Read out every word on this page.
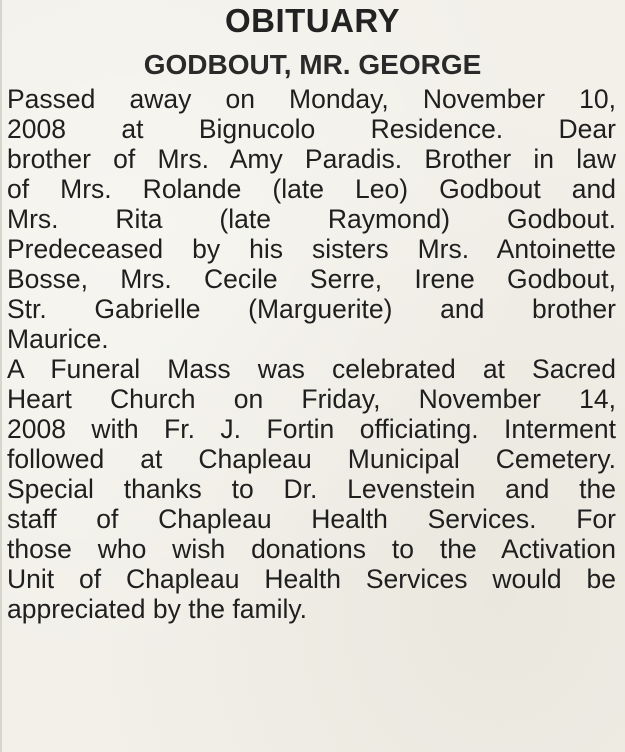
OBITUARY
GODBOUT, MR. GEORGE
Passed away on Monday, November 10,
2008 at Bignucolo Residence. Dear
brother of Mrs. Amy Paradis. Brother in law
of Mrs. Rolande (late Leo) Godbout and
Mrs. Rita (late Raymond) Godbout.
Predeceased by his sisters Mrs. Antoinette
Bosse, Mrs. Cecile Serre, Irene Godbout,
Str. Gabrielle (Marguerite) and brother
Maurice.
A Funeral Mass was celebrated at Sacred
Heart Church on Friday, November 14,
2008 with Fr. J. Fortin officiating. Interment
followed at Chapleau Municipal Cemetery.
Special thanks to Dr. Levenstein and the
staff of Chapleau Health Services. For
those who wish donations to the Activation
Unit of Chapleau Health Services would be
appreciated by the family.
